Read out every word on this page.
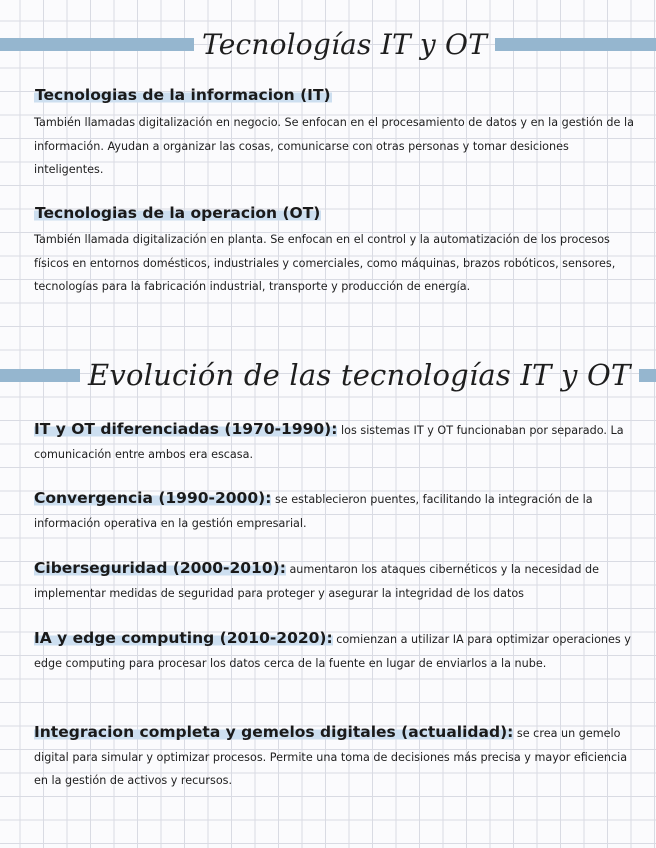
Tecnologías IT y OT
Tecnologias de la informacion (IT)
También llamadas digitalización en negocio. Se enfocan en el procesamiento de datos y en la gestión de la información. Ayudan a organizar las cosas, comunicarse con otras personas y tomar desiciones inteligentes.
Tecnologias de la operacion (OT)
También llamada digitalización en planta. Se enfocan en el control y la automatización de los procesos físicos en entornos domésticos, industriales y comerciales, como máquinas, brazos robóticos, sensores, tecnologías para la fabricación industrial, transporte y producción de energía.
Evolución de las tecnologías IT y OT
IT y OT diferenciadas (1970-1990): los sistemas IT y OT funcionaban por separado. La comunicación entre ambos era escasa.
Convergencia (1990-2000): se establecieron puentes, facilitando la integración de la información operativa en la gestión empresarial.
Ciberseguridad (2000-2010): aumentaron los ataques cibernéticos y la necesidad de implementar medidas de seguridad para proteger y asegurar la integridad de los datos
IA y edge computing (2010-2020): comienzan a utilizar IA para optimizar operaciones y edge computing para procesar los datos cerca de la fuente en lugar de enviarlos a la nube.
Integracion completa y gemelos digitales (actualidad): se crea un gemelo digital para simular y optimizar procesos. Permite una toma de decisiones más precisa y mayor eficiencia en la gestión de activos y recursos.
